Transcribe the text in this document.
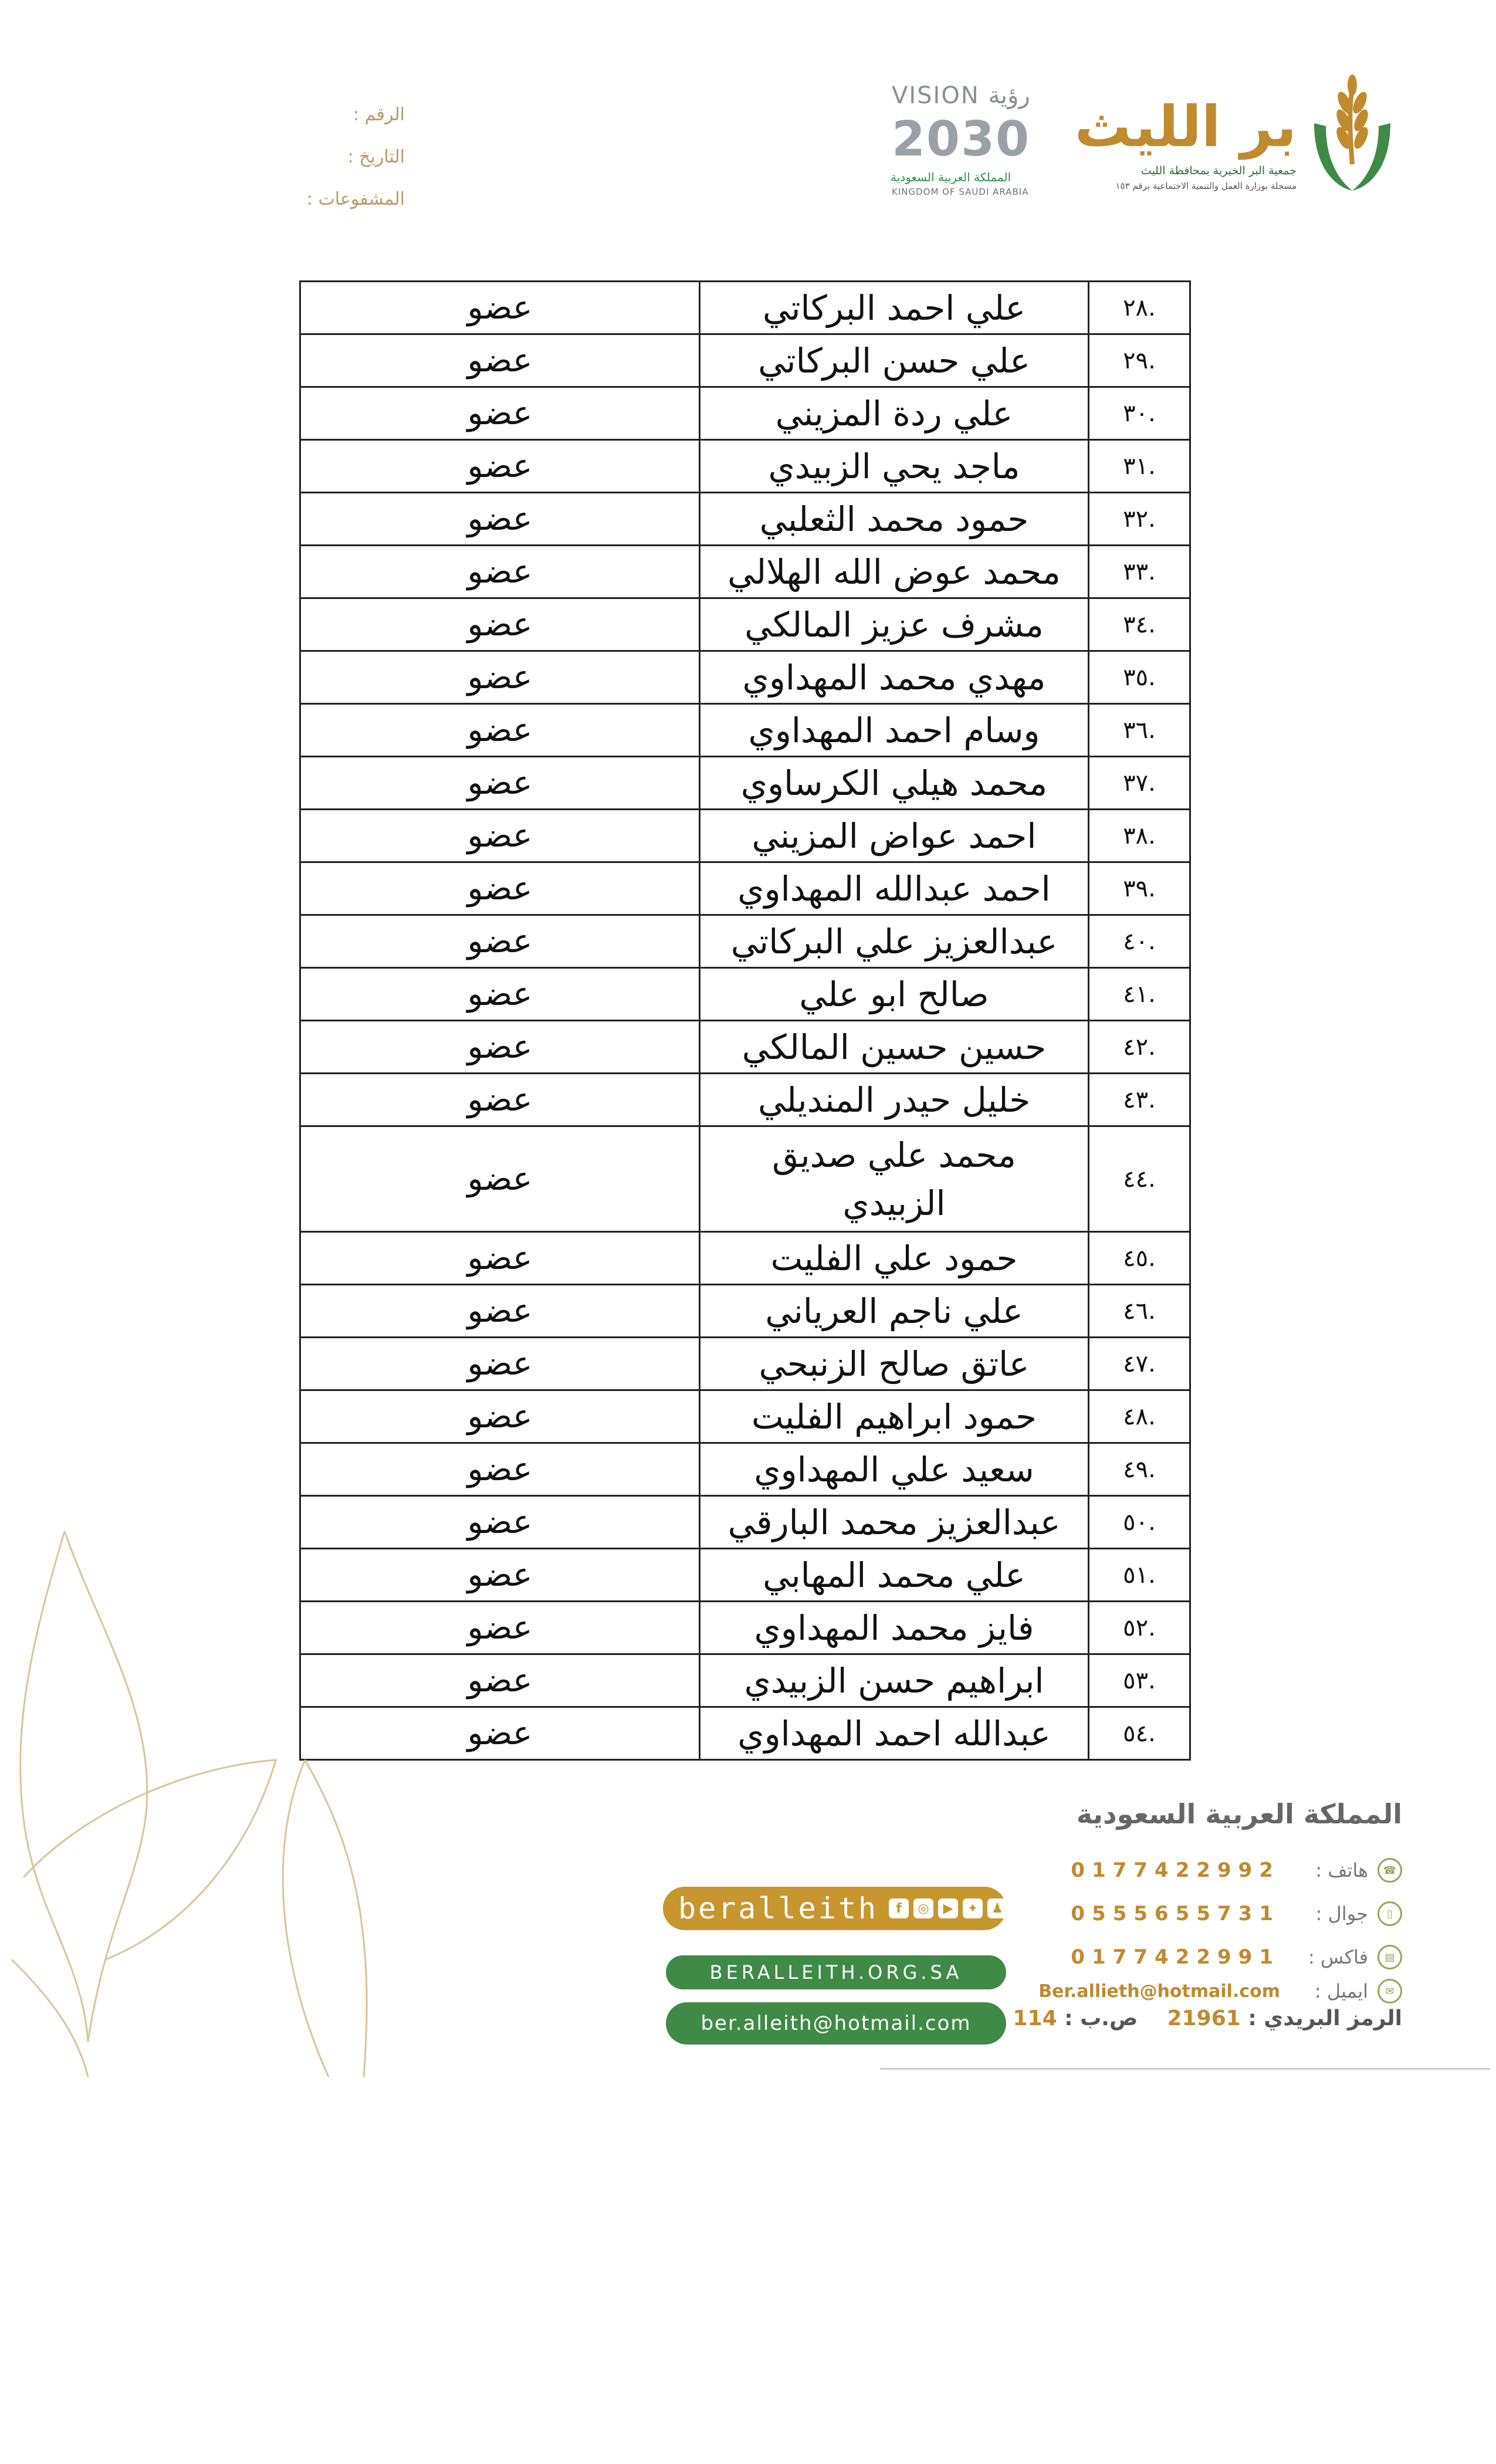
الرقم :
التاريخ :
المشفوعات :
VISION رؤية
2030
المملكة العربية السعودية
KINGDOM OF SAUDI ARABIA
بر الليث
جمعية البر الخيرية بمحافظة الليث
مسجلة بوزارة العمل والتنمية الاجتماعية برقم ١٥٣
.٢٨	علي احمد البركاتي	عضو
.٢٩	علي حسن البركاتي	عضو
.٣٠	علي ردة المزيني	عضو
.٣١	ماجد يحي الزبيدي	عضو
.٣٢	حمود محمد الثعلبي	عضو
.٣٣	محمد عوض الله الهلالي	عضو
.٣٤	مشرف عزيز المالكي	عضو
.٣٥	مهدي محمد المهداوي	عضو
.٣٦	وسام احمد المهداوي	عضو
.٣٧	محمد هيلي الكرساوي	عضو
.٣٨	احمد عواض المزيني	عضو
.٣٩	احمد عبدالله المهداوي	عضو
.٤٠	عبدالعزيز علي البركاتي	عضو
.٤١	صالح ابو علي	عضو
.٤٢	حسين حسين المالكي	عضو
.٤٣	خليل حيدر المنديلي	عضو
.٤٤	محمد علي صديق الزبيدي	عضو
.٤٥	حمود علي الفليت	عضو
.٤٦	علي ناجم العرياني	عضو
.٤٧	عاتق صالح الزنبحي	عضو
.٤٨	حمود ابراهيم الفليت	عضو
.٤٩	سعيد علي المهداوي	عضو
.٥٠	عبدالعزيز محمد البارقي	عضو
.٥١	علي محمد المهابي	عضو
.٥٢	فايز محمد المهداوي	عضو
.٥٣	ابراهيم حسن الزبيدي	عضو
.٥٤	عبدالله احمد المهداوي	عضو
المملكة العربية السعودية
☎
هاتف :
0177422992
▯
جوال :
0555655731
▤
فاكس :
0177422991
✉
ايميل :
Ber.allieth@hotmail.com
الرمز البريدي : 21961    ص.ب : 114
beralleith	f	◎	▶	✦	♟
BERALLEITH.ORG.SA
ber.alleith@hotmail.com
